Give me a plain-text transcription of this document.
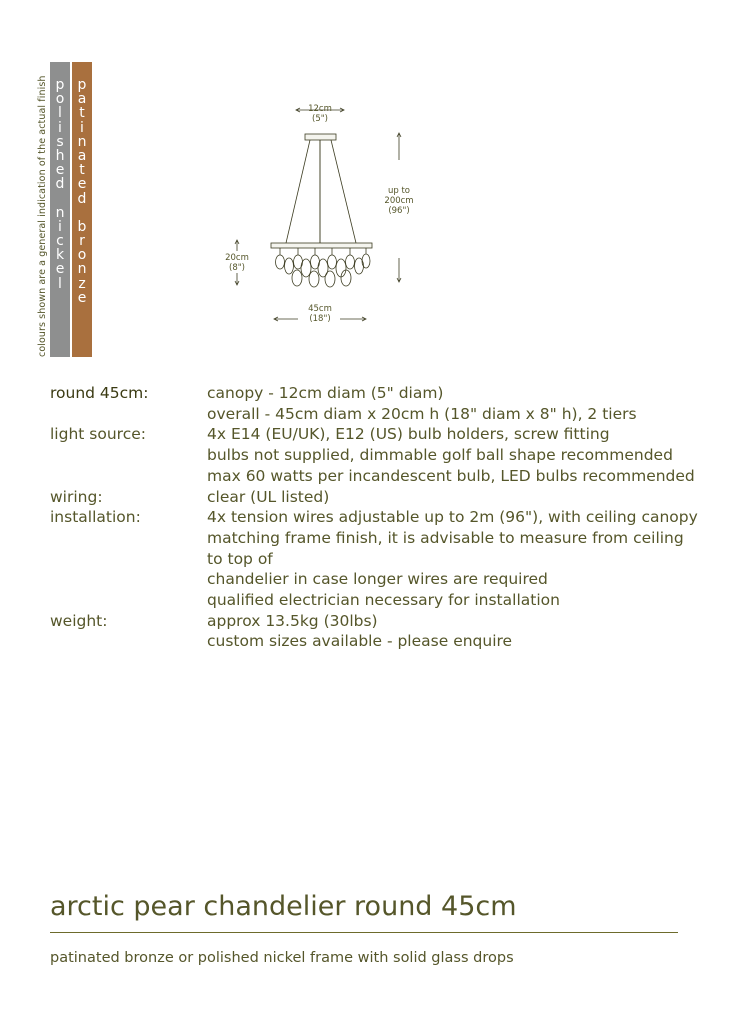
colours shown are a general indication of the actual finish p
o
l
i
s
h
e
d
n
i
c
k
e
l
p
a
t
i
n
a
t
e
d
b
r
o
n
z
e
12cm
(5")
up to
200cm
(96")
20cm
(8")
45cm
(18")
round 45cm:	canopy - 12cm diam (5" diam)
overall - 45cm diam x 20cm h (18" diam x 8" h), 2 tiers
light source:	4x E14 (EU/UK), E12 (US) bulb holders, screw fitting
bulbs not supplied, dimmable golf ball shape recommended
max 60 watts per incandescent bulb, LED bulbs recommended
wiring:	clear (UL listed)
installation:	4x tension wires adjustable up to 2m (96"), with ceiling canopy
matching frame finish, it is advisable to measure from ceiling to top of
chandelier in case longer wires are required
qualified electrician necessary for installation
weight:	approx 13.5kg (30lbs)
custom sizes available - please enquire
arctic pear chandelier round 45cm
patinated bronze or polished nickel frame with solid glass drops
